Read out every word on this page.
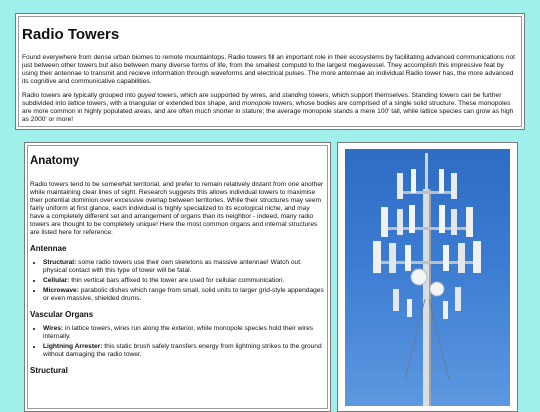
Radio Towers

Found everywhere from dense urban biomes to remote mountaintops, Radio towers fill an important role in their ecosystems by facilitating advanced communications not just between other towers but also between many diverse forms of life, from the smallest computd to the largest megavessel. They accomplish this impressive feat by using their antennae to transmit and recieve information through waveforms and electrical pulses. The more antennae an individual Radio tower has, the more advanced its cognitive and communicative capabilities.

Radio towers are typically grouped into guyed towers, which are supported by wires, and standing towers, which support themselves. Standing towers can be further subdivided into lattice towers, with a triangular or extended box shape, and monopole towers, whose bodies are comprised of a single solid structure. These monopoles are more common in highly populated areas, and are often much shorter in stature; the average monopole stands a mere 100' tall, while lattice species can grow as high as 2000' or more!

Anatomy

Radio towers tend to be somewhat territorial, and prefer to remain relatively distant from one another while maintaining clear lines of sight. Research suggests this allows individual towers to maximise their potential dominion over excessive overlap between territories. While their structures may seem fairly uniform at first glance, each individual is highly specialized to its ecological niche, and may have a completely different set and arrangement of organs than its neighbor - indeed, many radio towers are thought to be completely unique! Here the most common organs and internal structures are listed here for reference:

Antennae
• Structural: some radio towers use their own skeletons as massive antennae! Watch out: physical contact with this type of tower will be fatal.
• Cellular: thin vertical bars affixed to the tower are used for cellular communication.
• Microwave: parabolic dishes which range from small, solid units to larger grid-style appendages or even massive, shielded drums.
Vascular Organs
• Wires: in lattice towers, wires run along the exterior, while monopole species hold their wires internally.
• Lightning Arrester: this static brush safely transfers energy from lightning strikes to the ground without damaging the radio tower.
Structural
